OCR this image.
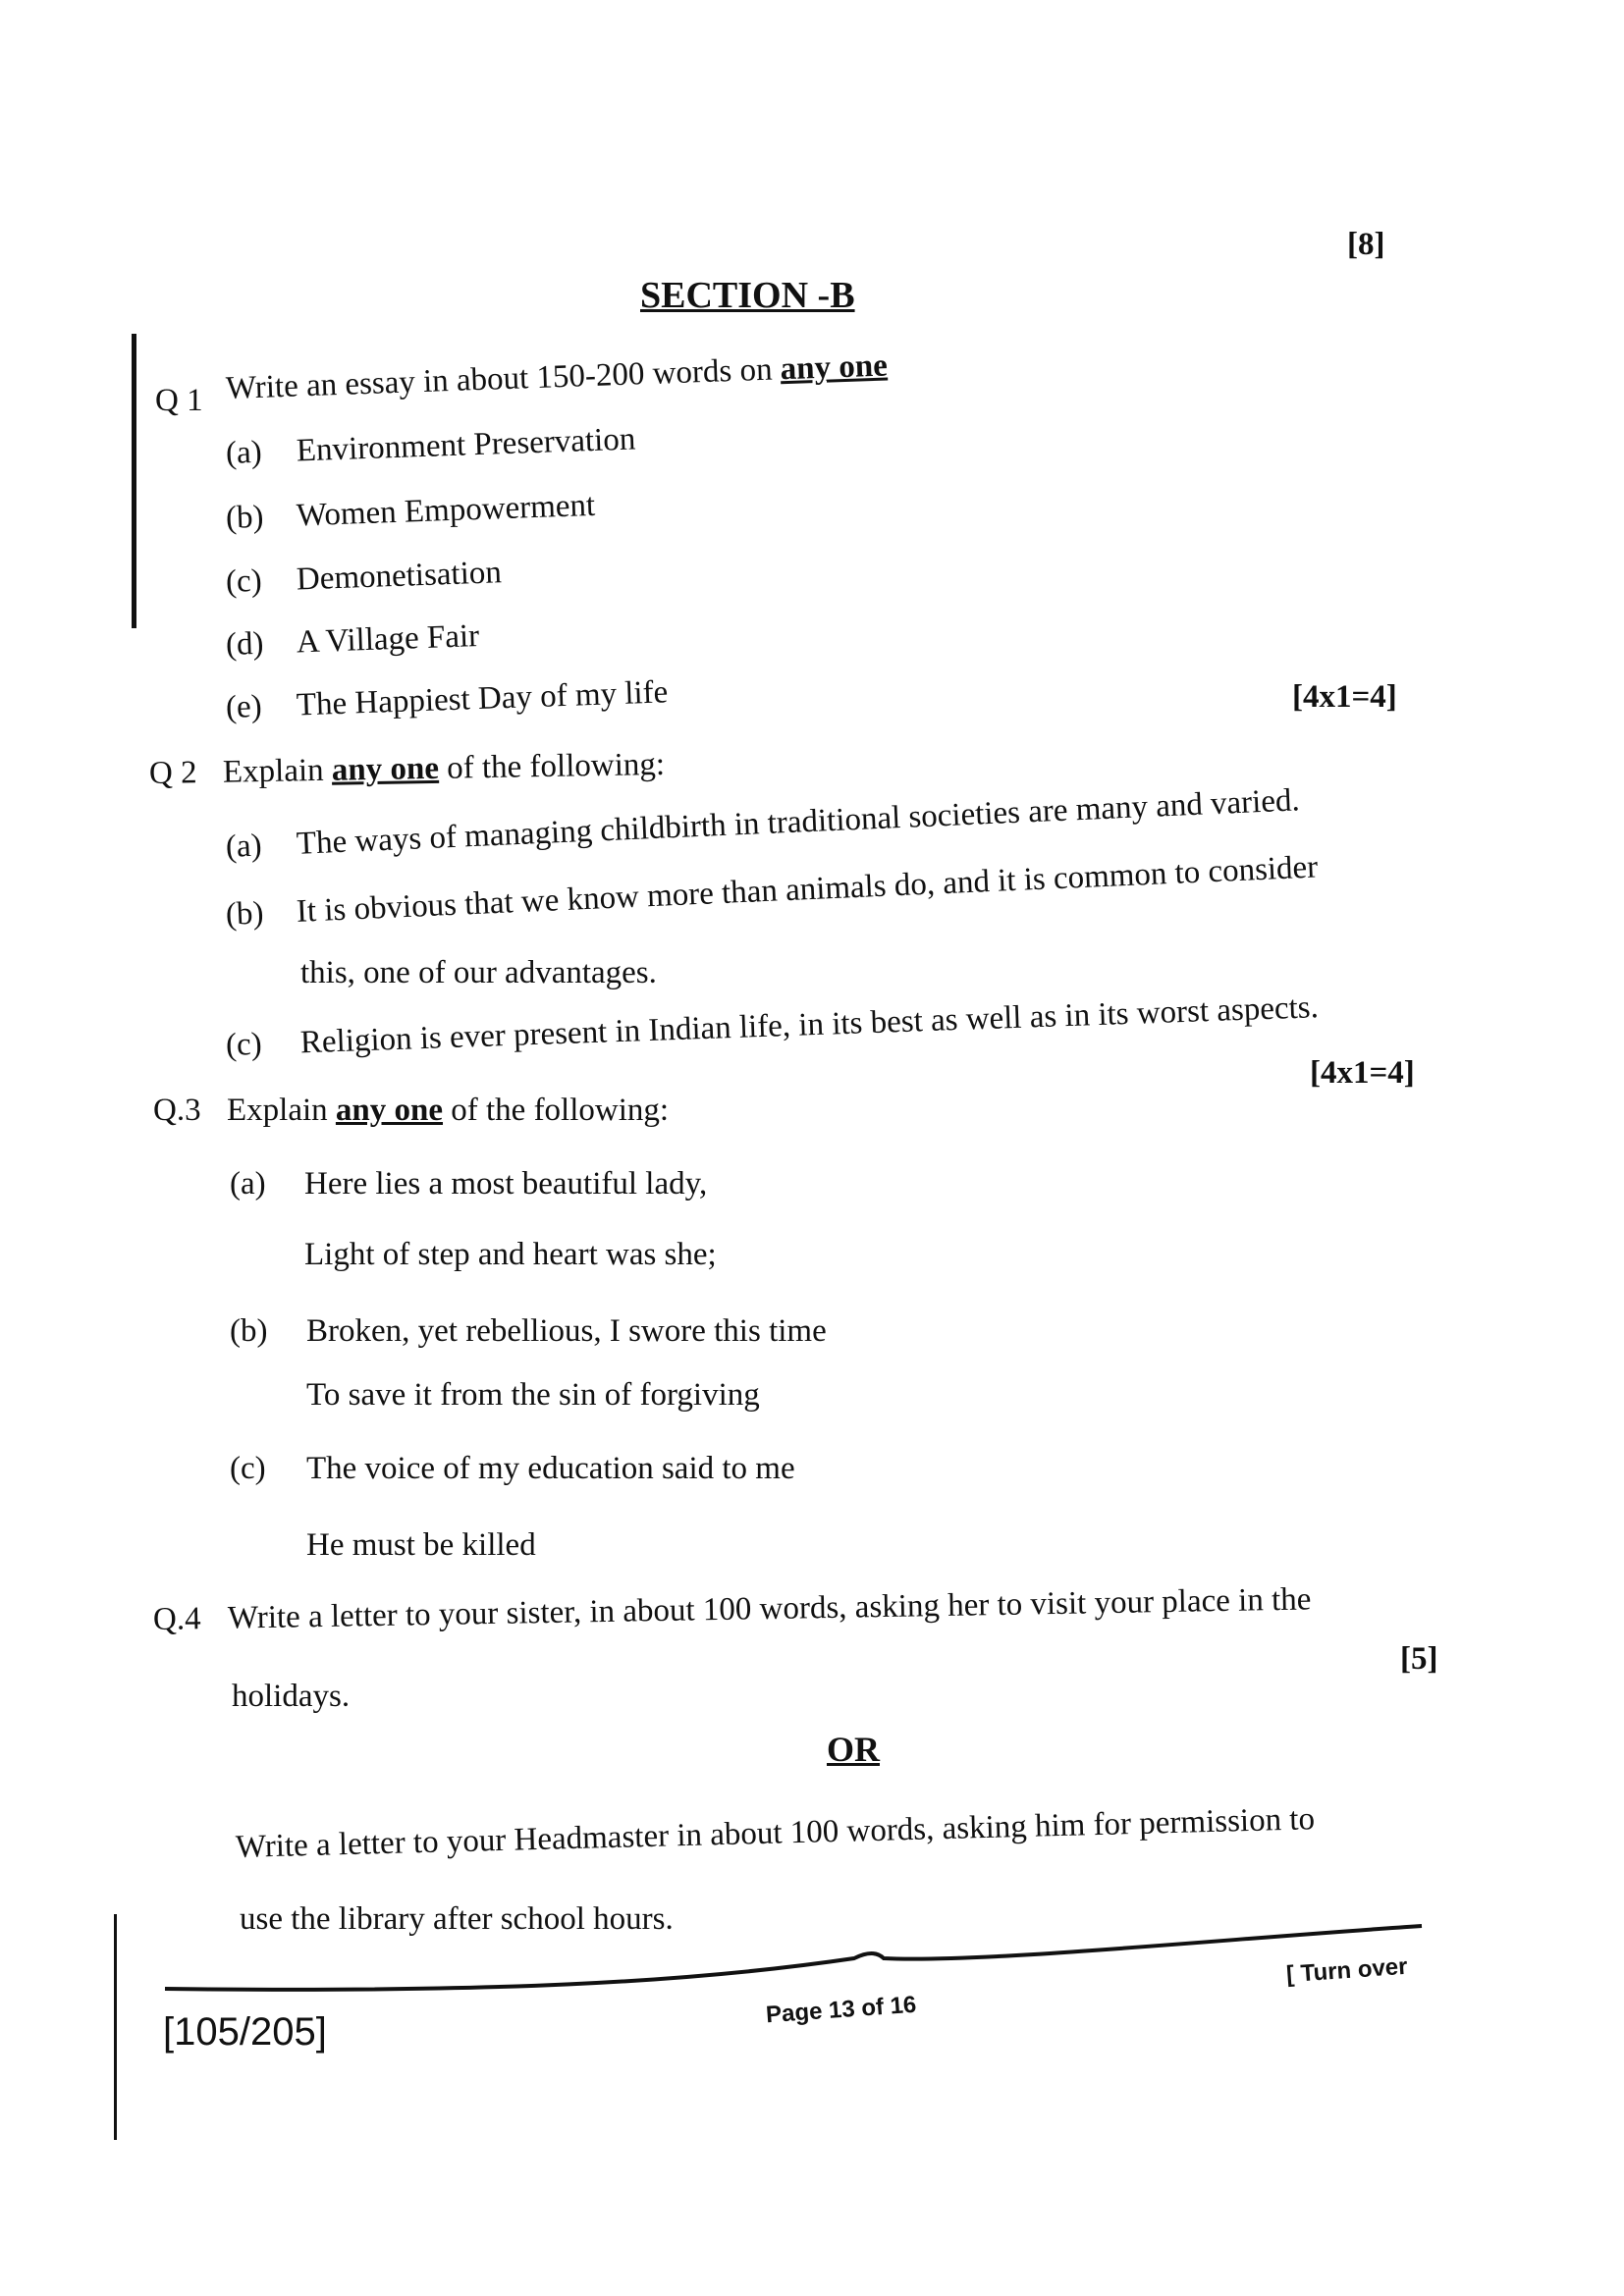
[8]
SECTION -B
Q 1 Write an essay in about 150-200 words on any one
(a) Environment Preservation
(b) Women Empowerment
(c) Demonetisation
(d) A Village Fair
(e) The Happiest Day of my life	[4x1=4]
Q 2 Explain any one of the following:
(a) The ways of managing childbirth in traditional societies are many and varied.
(b) It is obvious that we know more than animals do, and it is common to consider
this, one of our advantages.
(c) Religion is ever present in Indian life, in its best as well as in its worst aspects.
[4x1=4]
Q.3 Explain any one of the following:
(a) Here lies a most beautiful lady,
Light of step and heart was she;
(b) Broken, yet rebellious, I swore this time
To save it from the sin of forgiving
(c) The voice of my education said to me
He must be killed
Q.4 Write a letter to your sister, in about 100 words, asking her to visit your place in the
[5]
holidays.
OR
Write a letter to your Headmaster in about 100 words, asking him for permission to
use the library after school hours.
[105/205]
Page 13 of 16
[ Turn over
